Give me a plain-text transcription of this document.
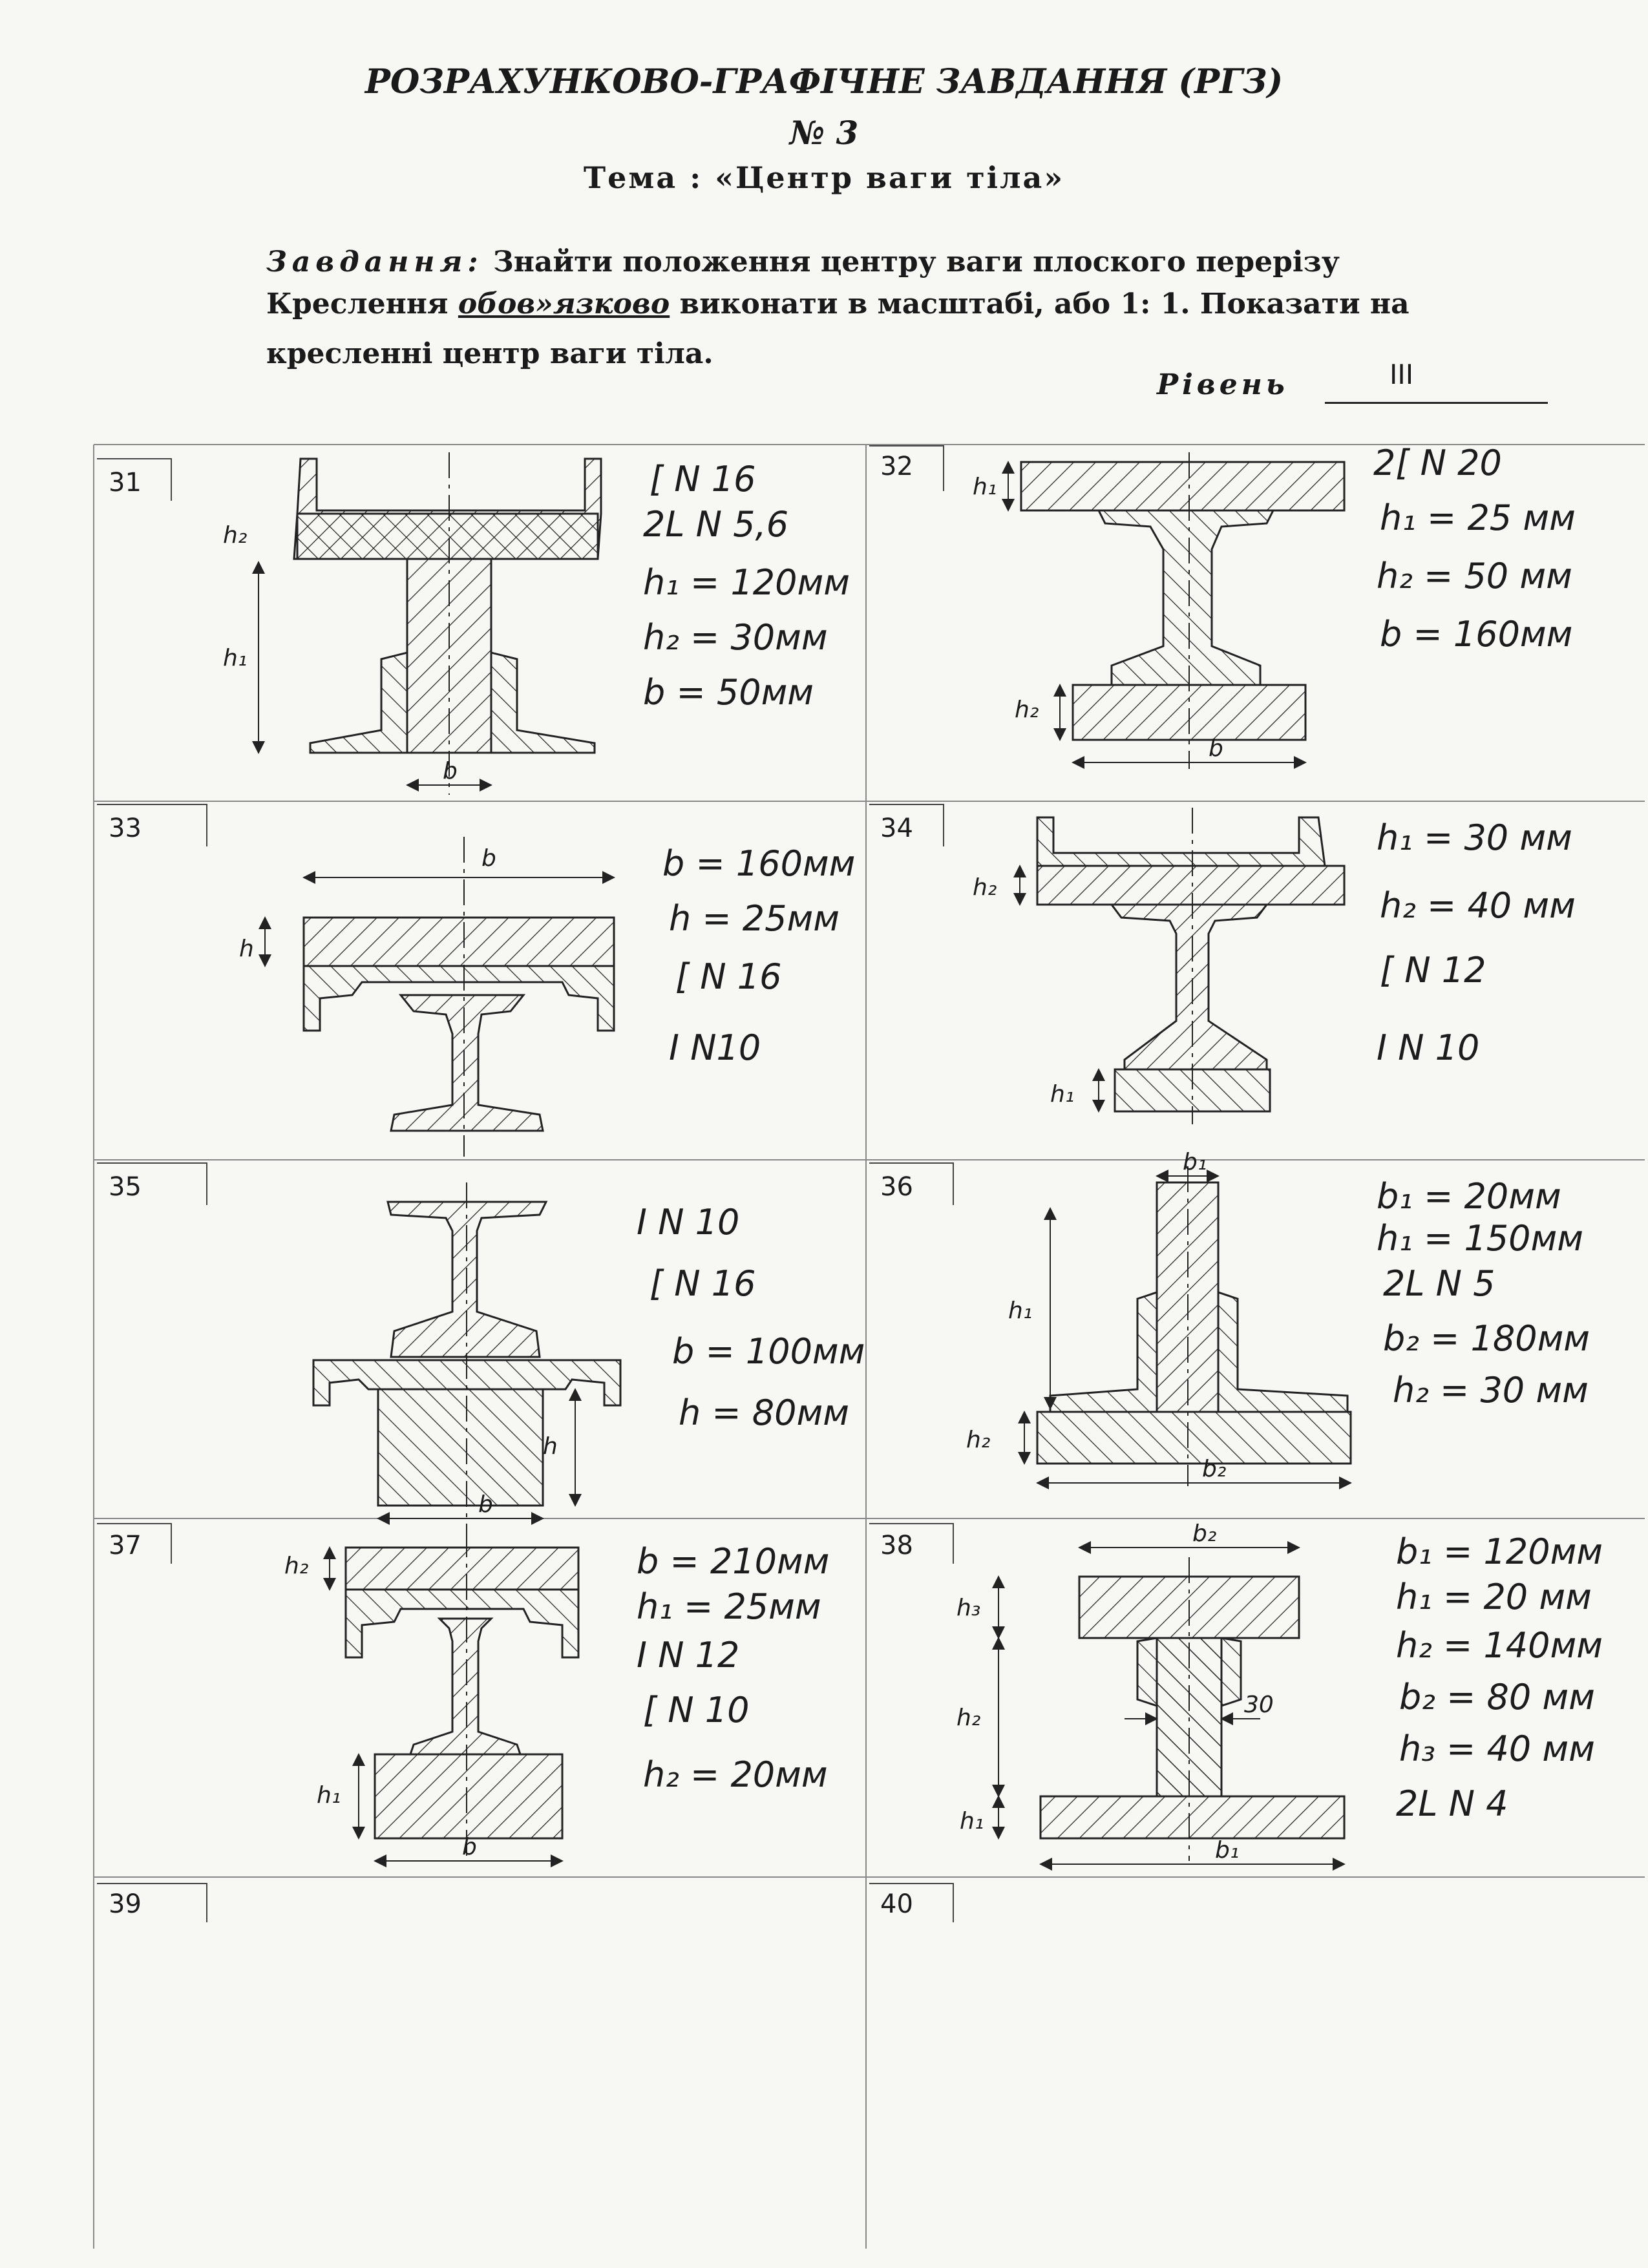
РОЗРАХУНКОВО-ГРАФІЧНЕ ЗАВДАННЯ (РГЗ)
№ 3
Тема : «Центр ваги тіла»
Завдання: Знайти положення центру ваги плоского перерізу
Креслення обов»язково виконати в масштабі, або 1: 1. Показати на
кресленні центр ваги тіла.
Рівень	III
31
32
33	34
35	36
37	38
39	40
h₂
h₁
b
[ N 16
2L N 5,6
h₁ = 120мм
h₂ = 30мм
b = 50мм
h₁
h₂
b
2[ N 20
h₁ = 25 мм
h₂ = 50 мм
b = 160мм
b
h
b = 160мм
h = 25мм
[ N 16
I N10
h₂
h₁
h₁ = 30 мм
h₂ = 40 мм
[ N 12
I N 10
h
b
I N 10
[ N 16
b = 100мм
h = 80мм
b₁
h₁
h₂
b₂
b₁ = 20мм
h₁ = 150мм
2L N 5
b₂ = 180мм
h₂ = 30 мм
h₂
h₁
b
b = 210мм
h₁ = 25мм
I N 12
[ N 10
h₂ = 20мм
b₂
h₃
h₂	30
h₁
b₁
b₁ = 120мм
h₁ = 20 мм
h₂ = 140мм
b₂ = 80 мм
h₃ = 40 мм
2L N 4
